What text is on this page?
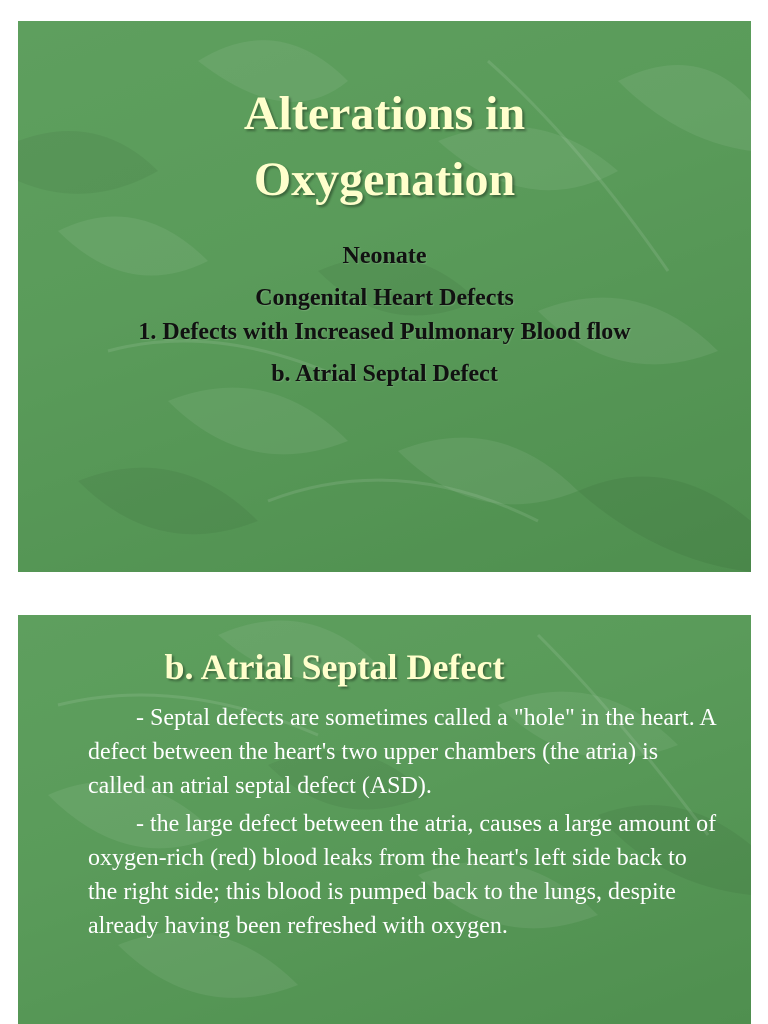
Alterations in
Oxygenation
Neonate
Congenital Heart Defects
1. Defects with Increased Pulmonary Blood flow
b. Atrial Septal Defect
b. Atrial Septal Defect

- Septal defects are sometimes called a "hole" in the heart. A defect between the heart's two upper chambers (the atria) is called an atrial septal defect (ASD).

- the large defect between the atria, causes a large amount of oxygen-rich (red) blood leaks from the heart's left side back to the right side; this blood is pumped back to the lungs, despite already having been refreshed with oxygen.
